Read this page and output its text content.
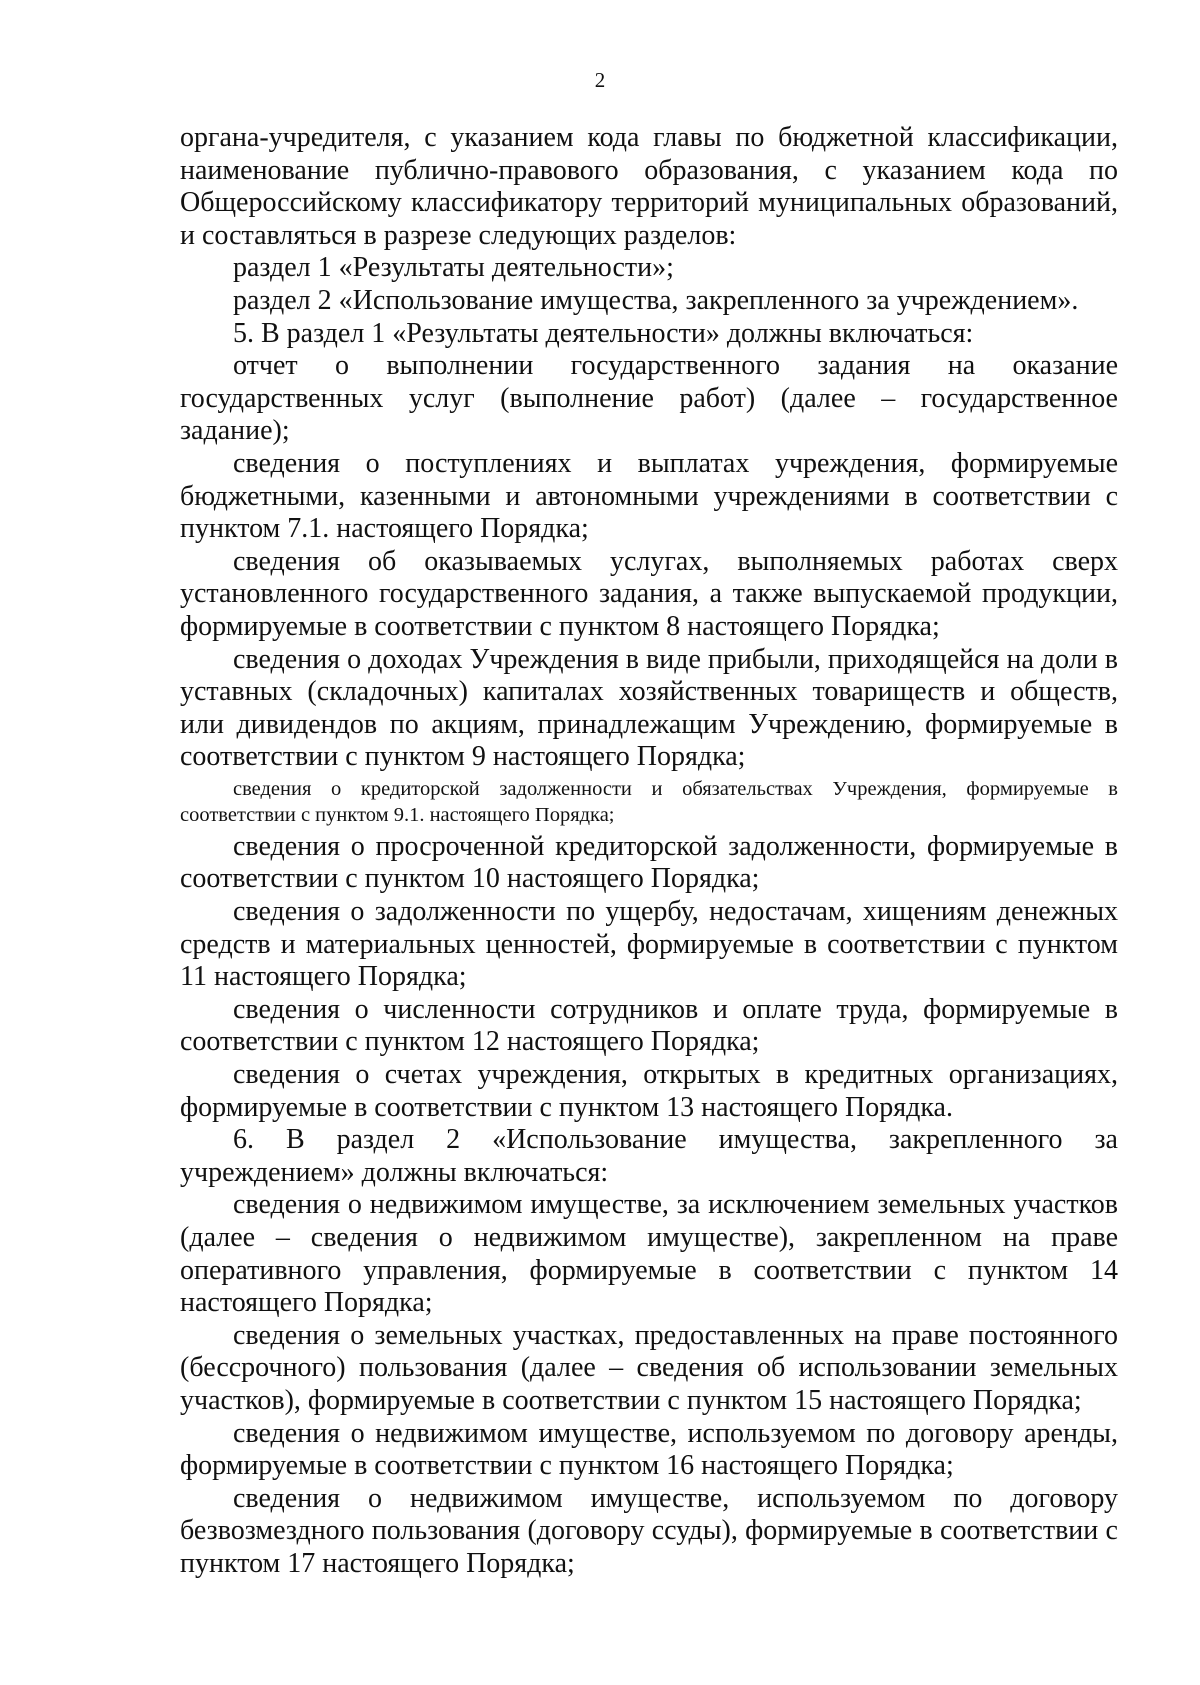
2

органа-учредителя, с указанием кода главы по бюджетной классификации, наименование публично-правового образования, с указанием кода по Общероссийскому классификатору территорий муниципальных образований, и составляться в разрезе следующих разделов:

раздел 1 «Результаты деятельности»;

раздел 2 «Использование имущества, закрепленного за учреждением».

5. В раздел 1 «Результаты деятельности» должны включаться:

отчет о выполнении государственного задания на оказание государственных услуг (выполнение работ) (далее – государственное задание);

сведения о поступлениях и выплатах учреждения, формируемые бюджетными, казенными и автономными учреждениями в соответствии с пунктом 7.1. настоящего Порядка;

сведения об оказываемых услугах, выполняемых работах сверх установленного государственного задания, а также выпускаемой продукции, формируемые в соответствии с пунктом 8 настоящего Порядка;

сведения о доходах Учреждения в виде прибыли, приходящейся на доли в уставных (складочных) капиталах хозяйственных товариществ и обществ, или дивидендов по акциям, принадлежащим Учреждению, формируемые в соответствии с пунктом 9 настоящего Порядка;

сведения о кредиторской задолженности и обязательствах Учреждения, формируемые в соответствии с пунктом 9.1. настоящего Порядка;

сведения о просроченной кредиторской задолженности, формируемые в соответствии с пунктом 10 настоящего Порядка;

сведения о задолженности по ущербу, недостачам, хищениям денежных средств и материальных ценностей, формируемые в соответствии с пунктом 11 настоящего Порядка;

сведения о численности сотрудников и оплате труда, формируемые в соответствии с пунктом 12 настоящего Порядка;

сведения о счетах учреждения, открытых в кредитных организациях, формируемые в соответствии с пунктом 13 настоящего Порядка.

6. В раздел 2 «Использование имущества, закрепленного за учреждением» должны включаться:

сведения о недвижимом имуществе, за исключением земельных участков (далее – сведения о недвижимом имуществе), закрепленном на праве оперативного управления, формируемые в соответствии с пунктом 14 настоящего Порядка;

сведения о земельных участках, предоставленных на праве постоянного (бессрочного) пользования (далее – сведения об использовании земельных участков), формируемые в соответствии с пунктом 15 настоящего Порядка;

сведения о недвижимом имуществе, используемом по договору аренды, формируемые в соответствии с пунктом 16 настоящего Порядка;

сведения о недвижимом имуществе, используемом по договору безвозмездного пользования (договору ссуды), формируемые в соответствии с пунктом 17 настоящего Порядка;
